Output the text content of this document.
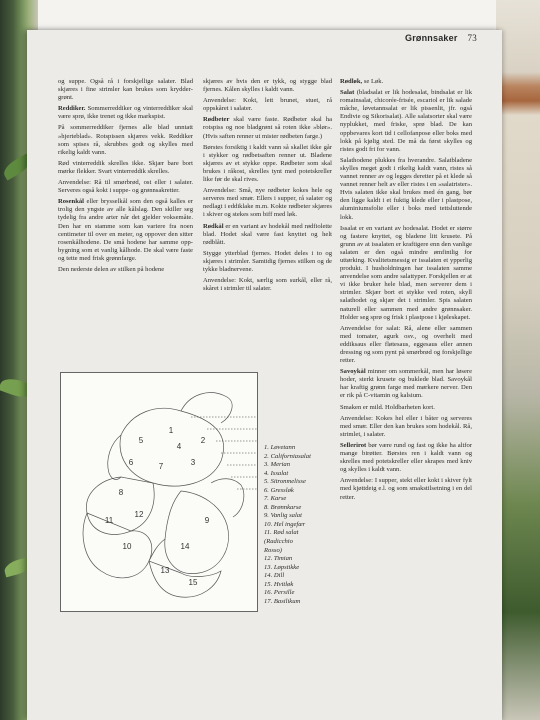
Grønnsaker 73

og suppe. Også rå i forskjellige salater. Blad skjæres i fine strimler kan brukes som kryddergrønt.

Reddiker. Sommerreddiker og vinterreddiker skal være sprø, ikke trenet og ikke markspist.

På sommerreddiker fjernes alle blad unntatt »hjerteblad». Rotspissen skjæres vekk. Reddiker som spises rå, skrubbes godt og skylles med rikelig kaldt vann.

Rød vinterreddik skrelles ikke. Skjær bare bort mørke flekker. Svart vinterreddik skrelles.

Anvendelse: Rå til smørbrød, ost eller i salater. Serveres også kokt i suppe- og grønnsakretter.

Rosenkål eller brysselkål som den også kalles er trolig den yngste av alle kålslag. Den skiller seg tydelig fra andre arter når det gjelder voksemåte. Den har en stamme som kan variere fra noen centimeter til over en meter, og oppover den sitter rosenkålhodene. De små hodene har samme oppbygning som et vanlig kålhode. De skal være faste og tette med frisk grønnfarge.

Den nederste delen av stilken på hodene

skjæres av hvis den er tykk, og stygge blad fjernes. Kålen skylles i kaldt vann.

Anvendelse: Kokt, lett brunet, stuet, rå oppskåret i salater.

Rødbeter skal være faste. Rødbeter skal ha rotspiss og noe bladgrønt så roten ikke »blør». (Hvis saften renner ut mister rødbeten farge.)

Børstes forsiktig i kaldt vann så skallet ikke går i stykker og rødbetsaften renner ut. Bladene skjæres av et stykke oppe. Rødbeter som skal brukes i råkost, skrelles tynt med potetskreller like før de skal rives.

Anvendelse: Små, nye rødbeter kokes hele og serveres med smør. Ellers i supper, rå salater og nedlagt i eddiklake m.m. Kokte rødbeter skjæres i skiver og stekes som biff med løk.

Rødkål er en variant av hodekål med rødfiolette blad. Hodet skal være fast knyttet og helt rødblått.

Stygge ytterblad fjernes. Hodet deles i to og skjæres i strimler. Samtidig fjernes stilken og de tykke bladnervene.

Anvendelse: Kokt, særlig som surkål, eller rå, skåret i strimler til salater.

Rødløk, se Løk.

Salat (bladsalat er lik hodesalat, bindsalat er lik romainsalat, chicorée-frisée, escariol er lik salade mâche, løvetannsalat er lik pissenlit, jfr. også Endivie og Sikorisalat). Alle salatsorter skal være nyplukket, med friske, sprø blad. De kan oppbevares kort tid i cellofanpose eller boks med lokk på kjølig sted. De må da først skylles og ristes godt fri for vann.

Salathodene plukkes fra hverandre. Salatbladene skylles meget godt i rikelig kaldt vann, ristes så vannet renner av og legges deretter på et klede så vannet renner helt av eller ristes i en »salatrister». Hvis salaten ikke skal brukes med én gang, bør den ligge kaldt i et fuktig klede eller i plastpose, aluminiumsfolie eller i boks med tettsluttende lokk.

Issalat er en variant av hodesalat. Hodet er større og fastere knyttet, og bladene litt krusete. På grunn av at issalaten er kraftigere enn den vanlige salaten er den også mindre ømfintlig for uttørking. Kvalitetsmessig er issalaten et ypperlig produkt. I husholdningen har issalaten samme anvendelse som andre salattyper. Forskjellen er at vi ikke bruker hele blad, men serverer dem i strimler. Skjær bort et stykke ved roten, skyll salathodet og skjær det i strimler. Spis salaten naturell eller sammen med andre grønnsaker. Holder seg sprø og frisk i plastpose i kjøleskapet.

Anvendelse for salat: Rå, alene eller sammen med tomater, agurk osv., og overhelt med eddiksaus eller fløtesaus, eggesaus eller annen dressing og som pynt på smørbrød og forskjellige retter.

Savoykål minner om sommerkål, men har løsere hoder, sterkt krusete og buklede blad. Savoykål har kraftig grønn farge med mørkere nerver. Den er rik på C-vitamin og kalsium.

Smaken er mild. Holdbarheten kort.

Anvendelse: Kokes hel eller i båter og serveres med smør. Eller den kan brukes som hodekål. Rå, strimlet, i salater.

Sellerirot bør være rund og fast og ikke ha altfor mange birøtter. Børstes ren i kaldt vann og skrelles med potetskreller eller skrapes med kniv og skylles i kaldt vann.

Anvendelse: I supper, stekt eller kokt i skiver fylt med kjøttdeig e.l. og som smakstilsetning i en del retter.

1
2
3
4
5
6	7
8
9
10
11
12
13
14
15
1. Løvetann
2. Californiasalat
3. Merian
4. Issalat
5. Sitronmelisse
6. Gressløk
7. Karse
8. Brønnkarse
9. Vanlig salat
10. Hel ingefær
11. Rød salat
(Radicchio
Rosso)
12. Timian
13. Løpstikke
14. Dill
15. Hvitløk
16. Persille
17. Basilikum
